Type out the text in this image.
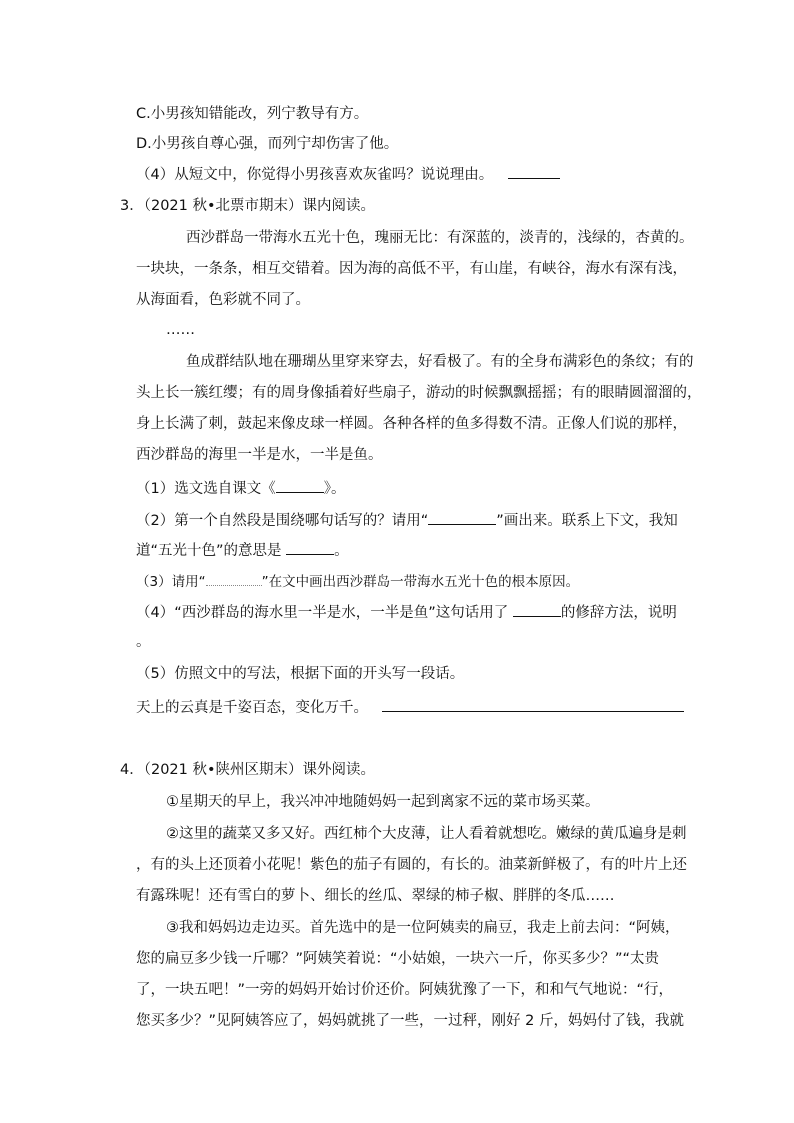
C.小男孩知错能改，列宁教导有方。
D.小男孩自尊心强，而列宁却伤害了他。
（4）从短文中，你觉得小男孩喜欢灰雀吗？说说理由。
3．（2021 秋•北票市期末）课内阅读。
西沙群岛一带海水五光十色，瑰丽无比：有深蓝的，淡青的，浅绿的，杏黄的。
一块块，一条条，相互交错着。因为海的高低不平，有山崖，有峡谷，海水有深有浅，
从海面看，色彩就不同了。
……
鱼成群结队地在珊瑚丛里穿来穿去，好看极了。有的全身布满彩色的条纹；有的
头上长一簇红缨；有的周身像插着好些扇子，游动的时候飘飘摇摇；有的眼睛圆溜溜的，
身上长满了刺，鼓起来像皮球一样圆。各种各样的鱼多得数不清。正像人们说的那样，
西沙群岛的海里一半是水，一半是鱼。
（1）选文选自课文《	》。
（2）第一个自然段是围绕哪句话写的？请用“	”画出来。联系上下文，我知
道“五光十色”的意思是	。
（3）请用“	”在文中画出西沙群岛一带海水五光十色的根本原因。
（4）“西沙群岛的海水里一半是水，一半是鱼”这句话用了	的修辞方法，说明
。
（5）仿照文中的写法，根据下面的开头写一段话。
天上的云真是千姿百态，变化万千。
4．（2021 秋•陕州区期末）课外阅读。
①星期天的早上，我兴冲冲地随妈妈一起到离家不远的菜市场买菜。
②这里的蔬菜又多又好。西红柿个大皮薄，让人看着就想吃。嫩绿的黄瓜遍身是刺
，有的头上还顶着小花呢！紫色的茄子有圆的，有长的。油菜新鲜极了，有的叶片上还
有露珠呢！还有雪白的萝卜、细长的丝瓜、翠绿的柿子椒、胖胖的冬瓜……
③我和妈妈边走边买。首先选中的是一位阿姨卖的扁豆，我走上前去问：“阿姨，
您的扁豆多少钱一斤哪？”阿姨笑着说：“小姑娘，一块六一斤，你买多少？”“太贵
了，一块五吧！”一旁的妈妈开始讨价还价。阿姨犹豫了一下，和和气气地说：“行，
您买多少？”见阿姨答应了，妈妈就挑了一些，一过秤，刚好 2 斤，妈妈付了钱，我就
